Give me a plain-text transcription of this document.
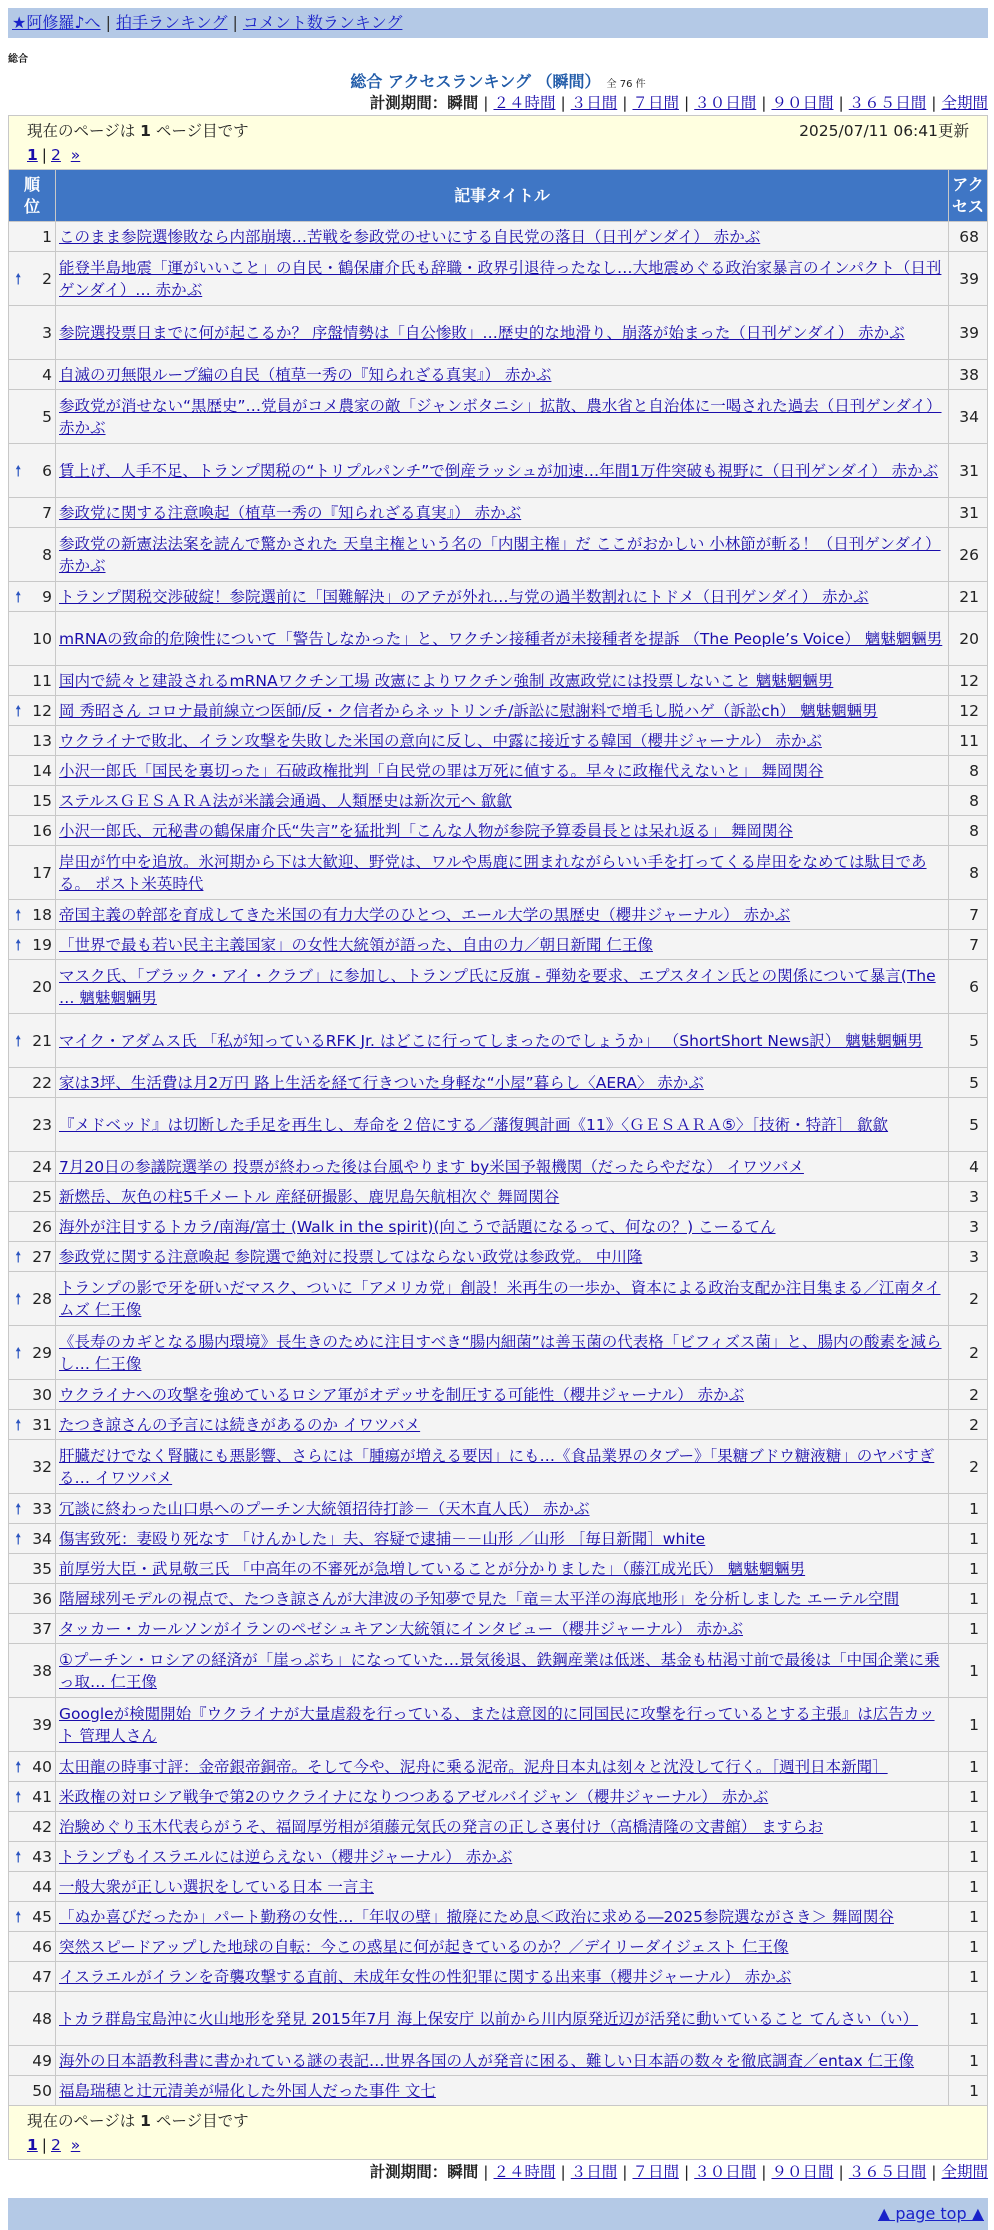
★阿修羅♪へ | 拍手ランキング | コメント数ランキング
総合
総合 アクセスランキング （瞬間） 全 76 件
計測期間：瞬間 | ２４時間 | ３日間 | ７日間 | ３０日間 | ９０日間 | ３６５日間 | 全期間
現在のページは 1 ページ目です	2025/07/11 06:41更新
1 | 2 »
順位	記事タイトル	アクセス
1	このまま参院選惨敗なら内部崩壊…苦戦を参政党のせいにする自民党の落日（日刊ゲンダイ） 赤かぶ	68

🠕 2	能登半島地震「運がいいこと」の自民・鶴保庸介氏も辞職・政界引退待ったなし…大地震めぐる政治家暴言のインパクト（日刊ゲンダイ）… 赤かぶ	39
3	参院選投票日までに何が起こるか？ 序盤情勢は「自公惨敗」…歴史的な地滑り、崩落が始まった（日刊ゲンダイ） 赤かぶ	39
4	自滅の刃無限ループ編の自民（植草一秀の『知られざる真実』） 赤かぶ	38
5	参政党が消せない“黒歴史”…党員がコメ農家の敵「ジャンボタニシ」拡散、農水省と自治体に一喝された過去（日刊ゲンダイ） 赤かぶ	34

🠕 6	賃上げ、人手不足、トランプ関税の“トリプルパンチ”で倒産ラッシュが加速…年間1万件突破も視野に（日刊ゲンダイ） 赤かぶ	31
7	参政党に関する注意喚起（植草一秀の『知られざる真実』） 赤かぶ	31
8	参政党の新憲法法案を読んで驚かされた 天皇主権という名の「内閣主権」だ ここがおかしい 小林節が斬る！（日刊ゲンダイ） 赤かぶ	26

🠕 9	トランプ関税交渉破綻！参院選前に「国難解決」のアテが外れ…与党の過半数割れにトドメ（日刊ゲンダイ） 赤かぶ	21
10	mRNAの致命的危険性について「警告しなかった」と、ワクチン接種者が未接種者を提訴 （The People’s Voice） 魑魅魍魎男	20
11	国内で続々と建設されるmRNAワクチン工場 改憲によりワクチン強制 改憲政党には投票しないこと 魑魅魍魎男	12

🠕 12	岡 秀昭さん コロナ最前線立つ医師/反・ク信者からネットリンチ/訴訟に慰謝料で増毛し脱ハゲ（訴訟ch） 魑魅魍魎男	12
13	ウクライナで敗北、イラン攻撃を失敗した米国の意向に反し、中露に接近する韓国（櫻井ジャーナル） 赤かぶ	11
14	小沢一郎氏「国民を裏切った」石破政権批判「自民党の罪は万死に値する。早々に政権代えないと」 舞岡関谷	8
15	ステルスＧＥＳＡＲＡ法が米議会通過、人類歴史は新次元へ 歙歙	8
16	小沢一郎氏、元秘書の鶴保庸介氏“失言”を猛批判「こんな人物が参院予算委員長とは呆れ返る」 舞岡関谷	8
17	岸田が竹中を追放。氷河期から下は大歓迎、野党は、ワルや馬鹿に囲まれながらいい手を打ってくる岸田をなめては駄目である。 ポスト米英時代	8

🠕 18	帝国主義の幹部を育成してきた米国の有力大学のひとつ、エール大学の黒歴史（櫻井ジャーナル） 赤かぶ	7

🠕 19	「世界で最も若い民主主義国家」の女性大統領が語った、自由の力／朝日新聞 仁王像	7
20	マスク氏、「ブラック・アイ・クラブ」に参加し、トランプ氏に反旗 - 弾劾を要求、エプスタイン氏との関係について暴言(The … 魑魅魍魎男	6

🠕 21	マイク・アダムス氏 「私が知っているRFK Jr. はどこに行ってしまったのでしょうか」 （ShortShort News訳） 魑魅魍魎男	5
22	家は3坪、生活費は月2万円 路上生活を経て行きついた身軽な“小屋”暮らし〈AERA〉 赤かぶ	5
23	『メドベッド』は切断した手足を再生し、寿命を２倍にする／藩復興計画《11》〈ＧＥＳＡＲＡ⑤〉［技術・特許］ 歙歙	5
24	7月20日の参議院選挙の 投票が終わった後は台風やります by米国予報機関（だったらやだな） イワツバメ	4
25	新燃岳、灰色の柱5千メートル 産経研撮影、鹿児島矢航相次ぐ 舞岡関谷	3
26	海外が注目するトカラ/南海/富士 (Walk in the spirit)(向こうで話題になるって、何なの？) こーるてん	3

🠕 27	参政党に関する注意喚起 参院選で絶対に投票してはならない政党は参政党。 中川隆	3

🠕 28	トランプの影で牙を研いだマスク、ついに「アメリカ党」創設！米再生の一歩か、資本による政治支配か注目集まる／江南タイムズ 仁王像	2

🠕 29	《長寿のカギとなる腸内環境》長生きのために注目すべき“腸内細菌”は善玉菌の代表格「ビフィズス菌」と、腸内の酸素を減らし… 仁王像	2
30	ウクライナへの攻撃を強めているロシア軍がオデッサを制圧する可能性（櫻井ジャーナル） 赤かぶ	2

🠕 31	たつき諒さんの予言には続きがあるのか イワツバメ	2
32	肝臓だけでなく腎臓にも悪影響、さらには「腫瘍が増える要因」にも…《食品業界のタブー》「果糖ブドウ糖液糖」のヤバすぎる… イワツバメ	2

🠕 33	冗談に終わった山口県へのプーチン大統領招待打診－（天木直人氏） 赤かぶ	1

🠕 34	傷害致死：妻殴り死なす 「けんかした」夫、容疑で逮捕－－山形 ／山形 ［毎日新聞］white	1
35	前厚労大臣・武見敬三氏 「中高年の不審死が急増していることが分かりました」（藤江成光氏） 魑魅魍魎男	1
36	階層球列モデルの視点で、たつき諒さんが大津波の予知夢で見た「竜＝太平洋の海底地形」を分析しました エーテル空間	1
37	タッカー・カールソンがイランのペゼシュキアン大統領にインタビュー（櫻井ジャーナル） 赤かぶ	1
38	①プーチン・ロシアの経済が「崖っぷち」になっていた…景気後退、鉄鋼産業は低迷、基金も枯渇寸前で最後は「中国企業に乗っ取… 仁王像	1
39	Googleが検閲開始『ウクライナが大量虐殺を行っている、または意図的に同国民に攻撃を行っているとする主張』は広告カット 管理人さん	1

🠕 40	太田龍の時事寸評：金帝銀帝銅帝。そして今や、泥舟に乗る泥帝。泥舟日本丸は刻々と沈没して行く。［週刊日本新聞］	1

🠕 41	米政権の対ロシア戦争で第2のウクライナになりつつあるアゼルバイジャン（櫻井ジャーナル） 赤かぶ	1
42	治験めぐり玉木代表らがうそ、福岡厚労相が須藤元気氏の発言の正しさ裏付け（高橋清隆の文書館） ますらお	1

🠕 43	トランプもイスラエルには逆らえない（櫻井ジャーナル） 赤かぶ	1
44	一般大衆が正しい選択をしている日本 一言主	1

🠕 45	「ぬか喜びだったか」パート勤務の女性…「年収の壁」撤廃にため息＜政治に求める―2025参院選ながさき＞ 舞岡関谷	1
46	突然スピードアップした地球の自転：今この惑星に何が起きているのか？／デイリーダイジェスト 仁王像	1
47	イスラエルがイランを奇襲攻撃する直前、未成年女性の性犯罪に関する出来事（櫻井ジャーナル） 赤かぶ	1
48	トカラ群島宝島沖に火山地形を発見 2015年7月 海上保安庁 以前から川内原発近辺が活発に動いていること てんさい（い）	1
49	海外の日本語教科書に書かれている謎の表記…世界各国の人が発音に困る、難しい日本語の数々を徹底調査／entax 仁王像	1
50	福島瑞穂と辻元清美が帰化した外国人だった事件 文七	1
現在のページは 1 ページ目です
1 | 2 »
計測期間：瞬間 | ２４時間 | ３日間 | ７日間 | ３０日間 | ９０日間 | ３６５日間 | 全期間
▲ page top ▲
